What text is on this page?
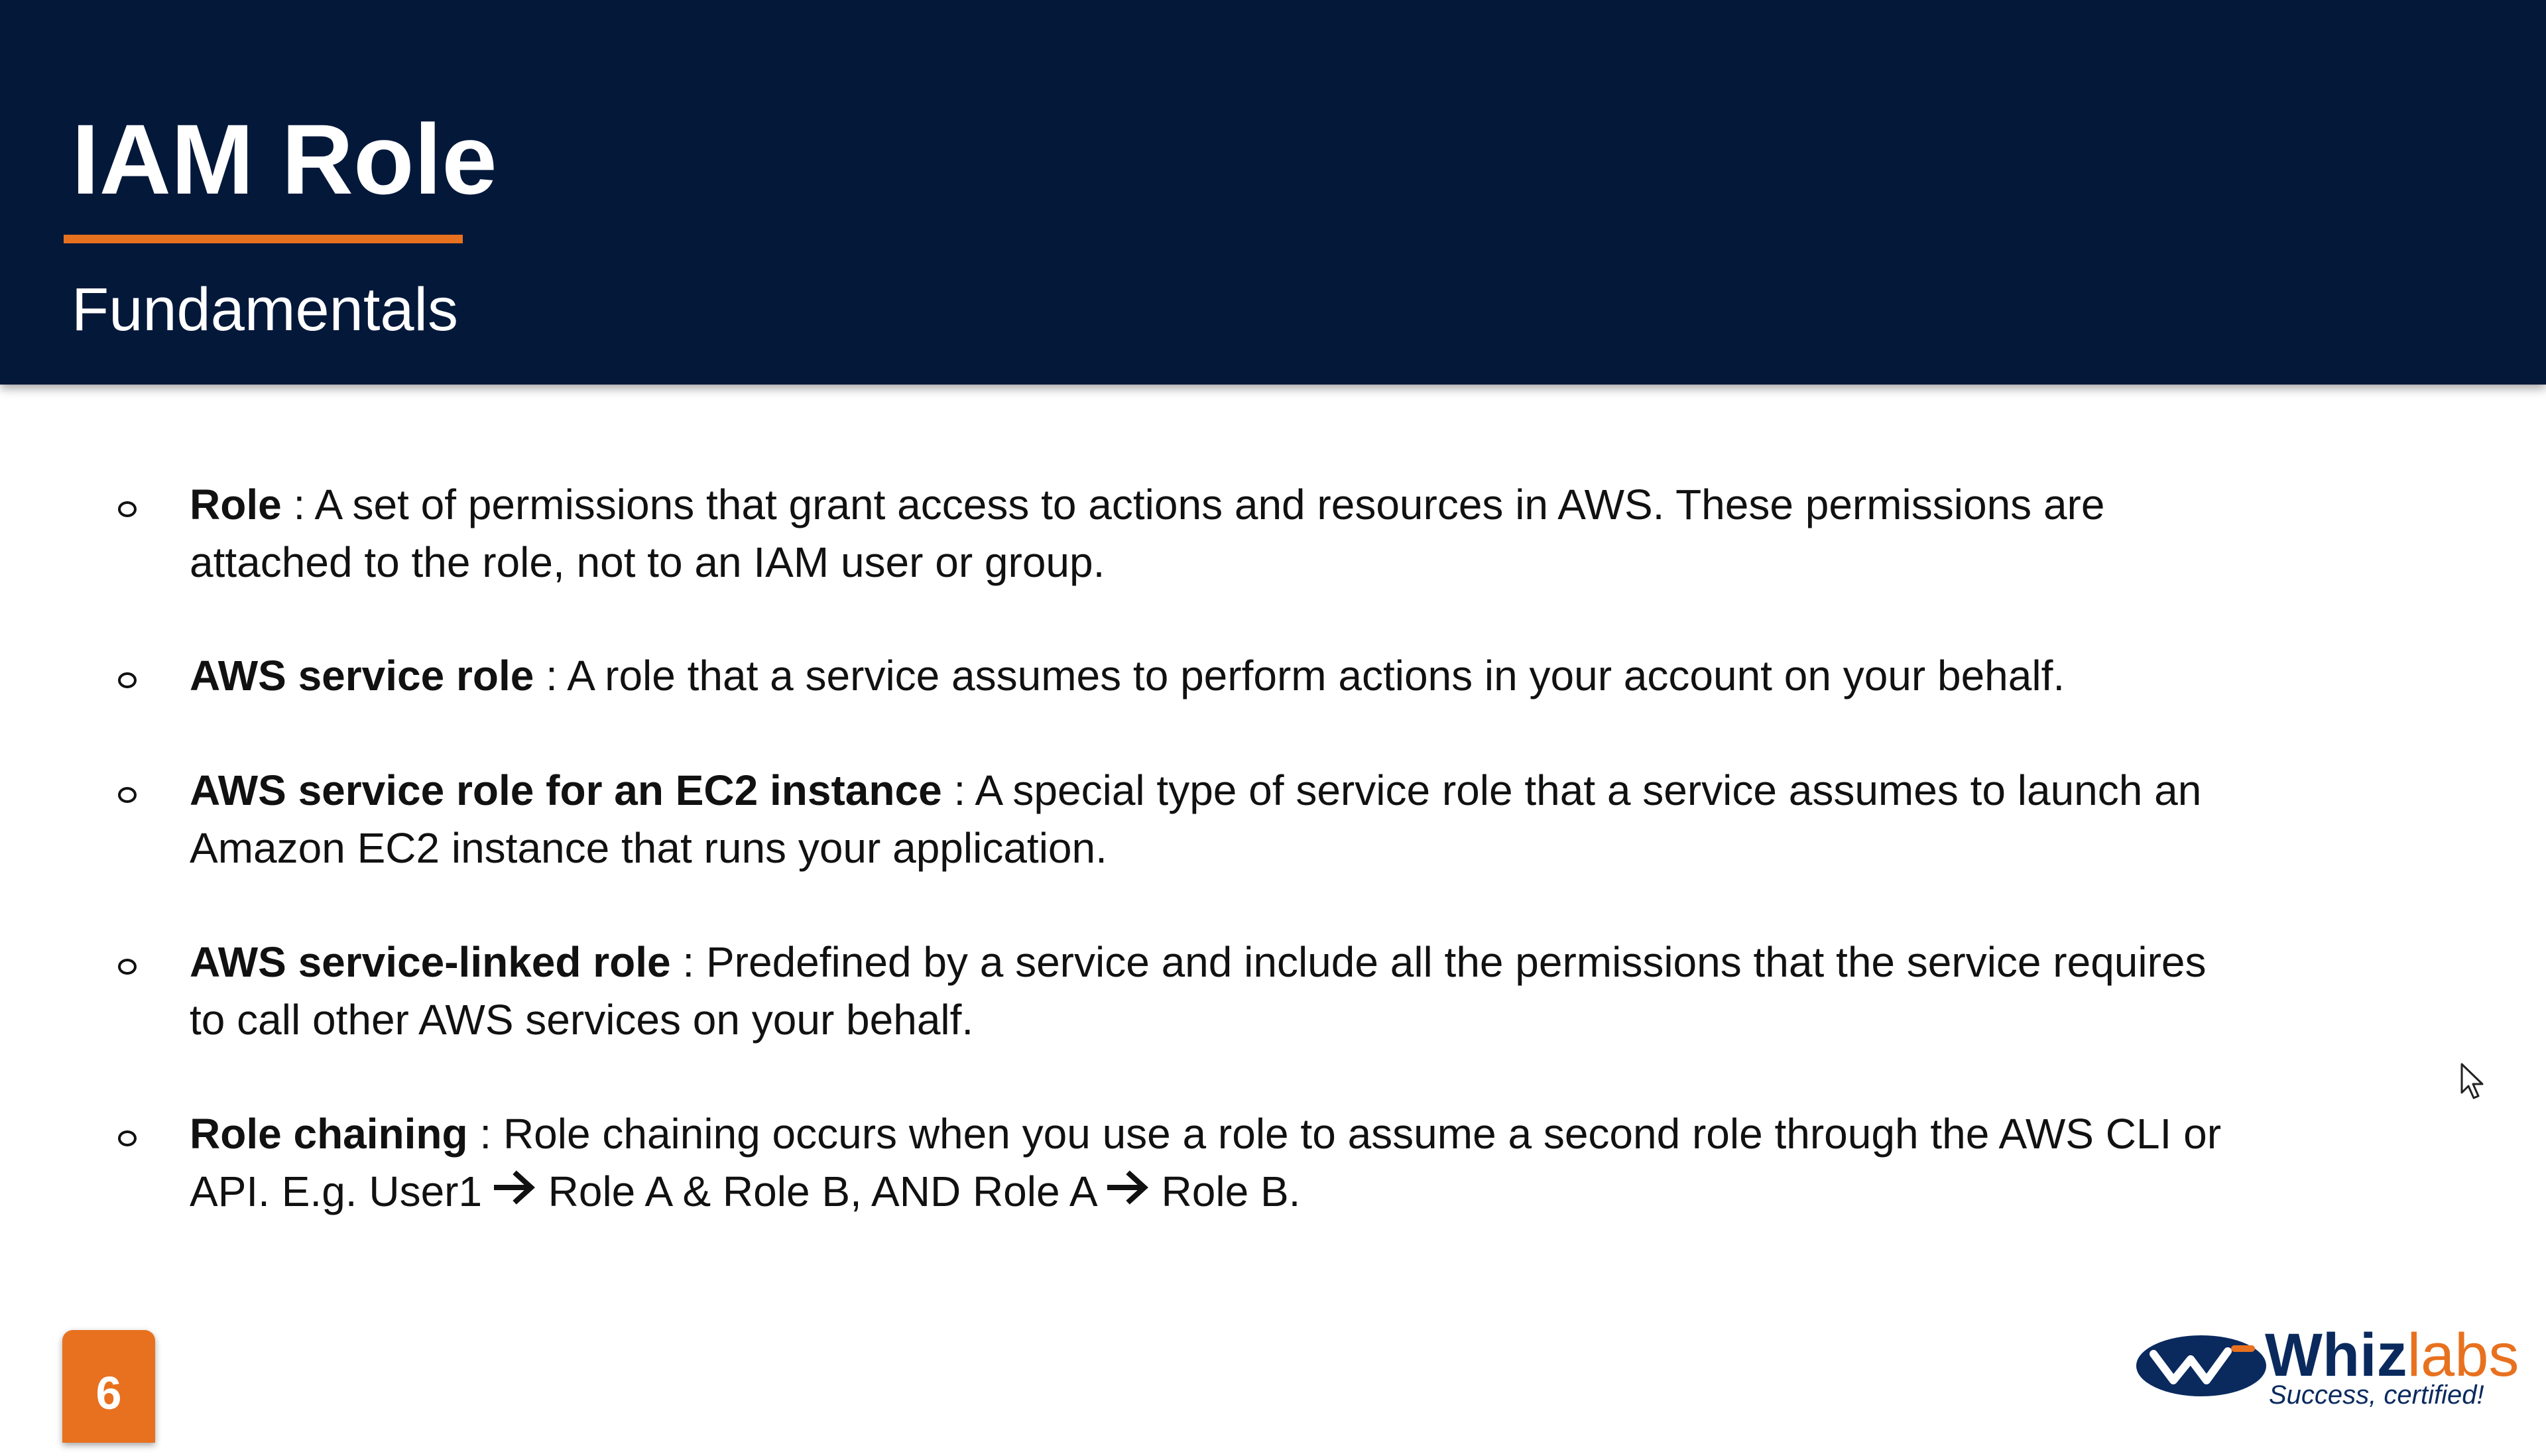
IAM Role
Fundamentals
Role : A set of permissions that grant access to actions and resources in AWS. These permissions are
attached to the role, not to an IAM user or group.
AWS service role : A role that a service assumes to perform actions in your account on your behalf.
AWS service role for an EC2 instance : A special type of service role that a service assumes to launch an
Amazon EC2 instance that runs your application.
AWS service-linked role : Predefined by a service and include all the permissions that the service requires
to call other AWS services on your behalf.
Role chaining : Role chaining occurs when you use a role to assume a second role through the AWS CLI or
API. E.g. User1  Role A & Role B, AND Role A  Role B.
6
Whizlabs
Success, certified!
